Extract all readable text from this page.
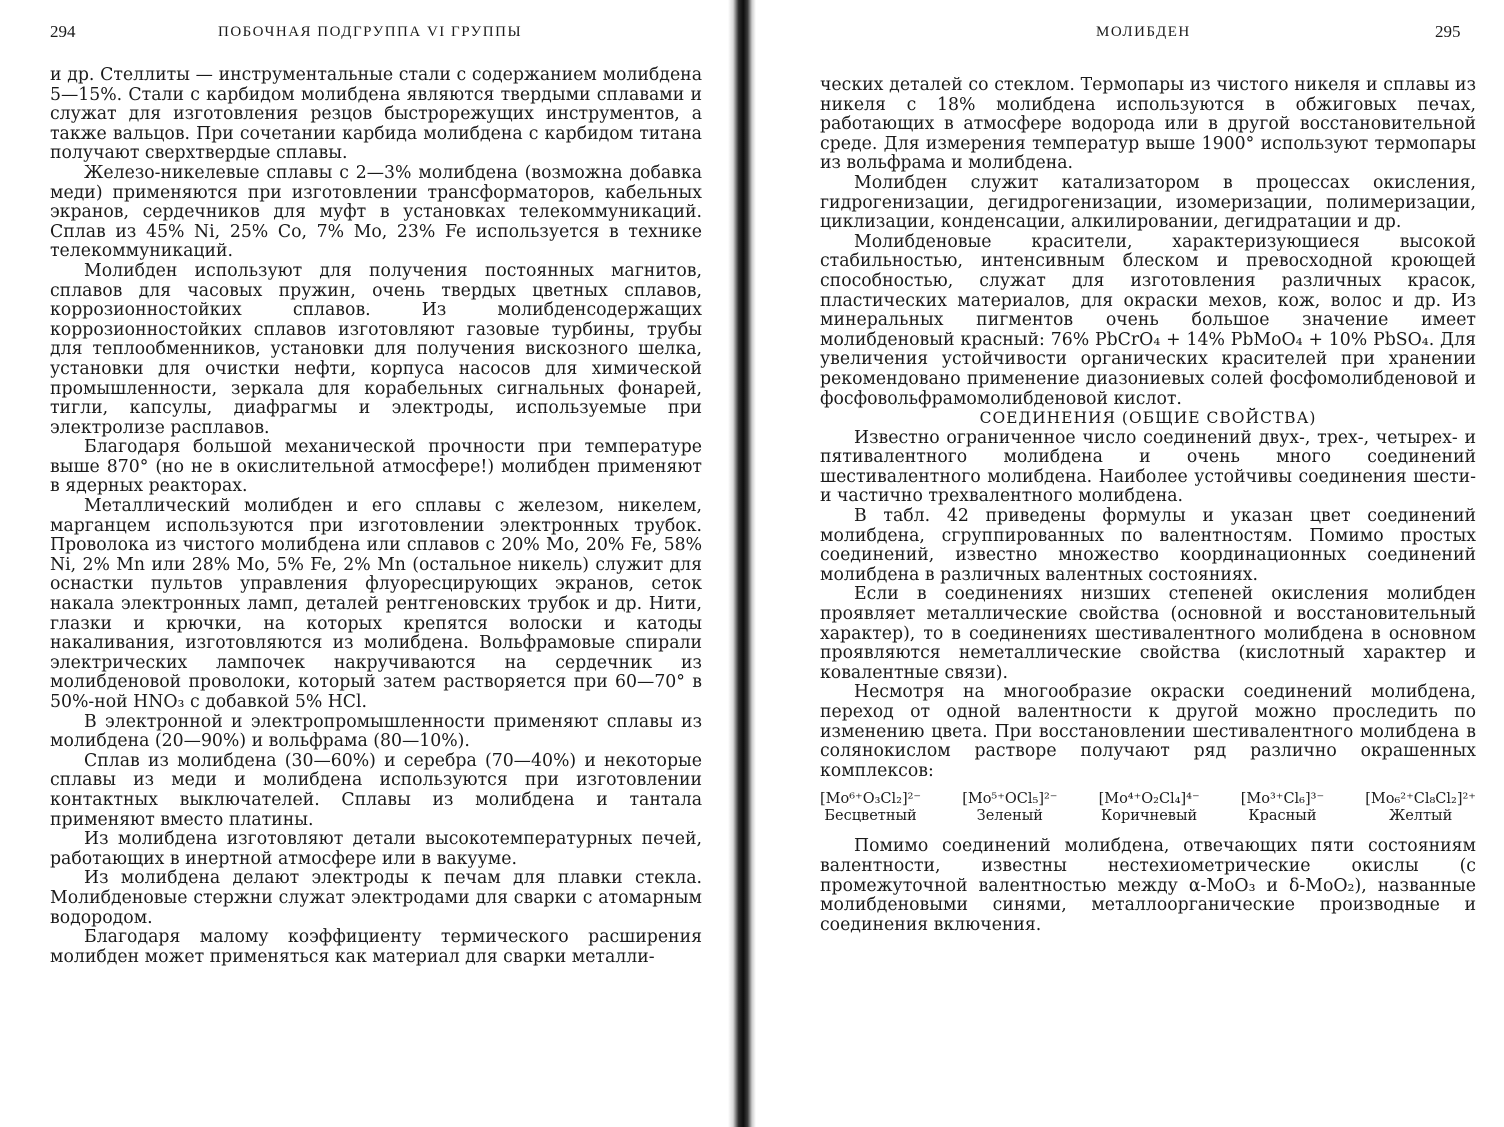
294	ПОБОЧНАЯ ПОДГРУППА VI ГРУППЫ

и др. Стеллиты — инструментальные стали с содержанием молибдена 5—15%. Стали с карбидом молибдена являются твердыми сплавами и служат для изготовления резцов быстрорежущих инструментов, а также вальцов. При сочетании карбида молибдена с карбидом титана получают сверхтвердые сплавы.

Железо-никелевые сплавы с 2—3% молибдена (возможна добавка меди) применяются при изготовлении трансформаторов, кабельных экранов, сердечников для муфт в установках телекоммуникаций. Сплав из 45% Ni, 25% Co, 7% Mo, 23% Fe используется в технике телекоммуникаций.

Молибден используют для получения постоянных магнитов, сплавов для часовых пружин, очень твердых цветных сплавов, коррозионностойких сплавов. Из молибденсодержащих коррозионностойких сплавов изготовляют газовые турбины, трубы для теплообменников, установки для получения вискозного шелка, установки для очистки нефти, корпуса насосов для химической промышленности, зеркала для корабельных сигнальных фонарей, тигли, капсулы, диафрагмы и электроды, используемые при электролизе расплавов.

Благодаря большой механической прочности при температуре выше 870° (но не в окислительной атмосфере!) молибден применяют в ядерных реакторах.

Металлический молибден и его сплавы с железом, никелем, марганцем используются при изготовлении электронных трубок. Проволока из чистого молибдена или сплавов с 20% Mo, 20% Fe, 58% Ni, 2% Mn или 28% Mo, 5% Fe, 2% Mn (остальное никель) служит для оснастки пультов управления флуоресцирующих экранов, сеток накала электронных ламп, деталей рентгеновских трубок и др. Нити, глазки и крючки, на которых крепятся волоски и катоды накаливания, изготовляются из молибдена. Вольфрамовые спирали электрических лампочек накручиваются на сердечник из молибденовой проволоки, который затем растворяется при 60—70° в 50%-ной HNO₃ с добавкой 5% HCl.

В электронной и электропромышленности применяют сплавы из молибдена (20—90%) и вольфрама (80—10%).

Сплав из молибдена (30—60%) и серебра (70—40%) и некоторые сплавы из меди и молибдена используются при изготовлении контактных выключателей. Сплавы из молибдена и тантала применяют вместо платины.

Из молибдена изготовляют детали высокотемпературных печей, работающих в инертной атмосфере или в вакууме.

Из молибдена делают электроды к печам для плавки стекла. Молибденовые стержни служат электродами для сварки с атомарным водородом.

Благодаря малому коэффициенту термического расширения молибден может применяться как материал для сварки металли-

МОЛИБДЕН	295

ческих деталей со стеклом. Термопары из чистого никеля и сплавы из никеля с 18% молибдена используются в обжиговых печах, работающих в атмосфере водорода или в другой восстановительной среде. Для измерения температур выше 1900° используют термопары из вольфрама и молибдена.

Молибден служит катализатором в процессах окисления, гидрогенизации, дегидрогенизации, изомеризации, полимеризации, циклизации, конденсации, алкилировании, дегидратации и др.

Молибденовые красители, характеризующиеся высокой стабильностью, интенсивным блеском и превосходной кроющей способностью, служат для изготовления различных красок, пластических материалов, для окраски мехов, кож, волос и др. Из минеральных пигментов очень большое значение имеет молибденовый красный: 76% PbCrO₄ + 14% PbMoO₄ + 10% PbSO₄. Для увеличения устойчивости органических красителей при хранении рекомендовано применение диазониевых солей фосфомолибденовой и фосфовольфрамомолибденовой кислот.

СОЕДИНЕНИЯ (ОБЩИЕ СВОЙСТВА)

Известно ограниченное число соединений двух-, трех-, четырех- и пятивалентного молибдена и очень много соединений шестивалентного молибдена. Наиболее устойчивы соединения шести- и частично трехвалентного молибдена.

В табл. 42 приведены формулы и указан цвет соединений молибдена, сгруппированных по валентностям. Помимо простых соединений, известно множество координационных соединений молибдена в различных валентных состояниях.

Если в соединениях низших степеней окисления молибден проявляет металлические свойства (основной и восстановительный характер), то в соединениях шестивалентного молибдена в основном проявляются неметаллические свойства (кислотный характер и ковалентные связи).

Несмотря на многообразие окраски соединений молибдена, переход от одной валентности к другой можно проследить по изменению цвета. При восстановлении шестивалентного молибдена в солянокислом растворе получают ряд различно окрашенных комплексов:

[Mo⁶⁺O₃Cl₂]²⁻
Бесцветный
[Mo⁵⁺OCl₅]²⁻
Зеленый
[Mo⁴⁺O₂Cl₄]⁴⁻
Коричневый
[Mo³⁺Cl₆]³⁻
Красный
[Mo₆²⁺Cl₈Cl₂]²⁺
Желтый

Помимо соединений молибдена, отвечающих пяти состояниям валентности, известны нестехиометрические окислы (с промежуточной валентностью между α-MoO₃ и δ-MoO₂), названные молибденовыми синями, металлоорганические производные и соединения включения.
